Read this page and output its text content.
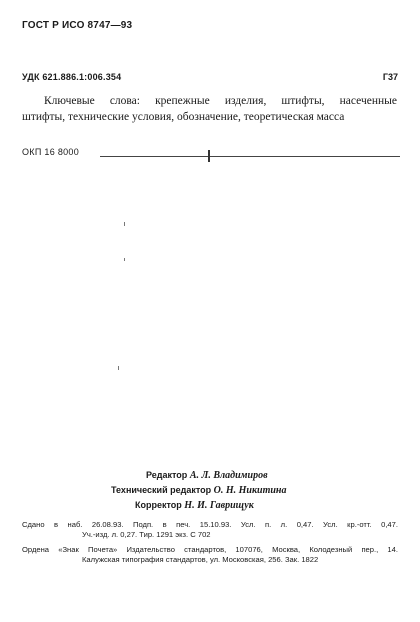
ГОСТ Р ИСО 8747—93
УДК 621.886.1:006.354	Г37

Ключевые слова: крепежные изделия, штифты, насеченные

штифты, технические условия, обозначение, теоретическая масса

ОКП 16 8000
Редактор А. Л. Владимиров
Технический редактор О. Н. Никитина
Корректор Н. И. Гаврищук
Сдано в наб. 26.08.93. Подп. в печ. 15.10.93. Усл. п. л. 0,47. Усл. кр.-отт. 0,47.
Уч.-изд. л. 0,27. Тир. 1291 экз. С 702
Ордена «Знак Почета» Издательство стандартов, 107076, Москва, Колодезный пер., 14.
Калужская типография стандартов, ул. Московская, 256. Зак. 1822
